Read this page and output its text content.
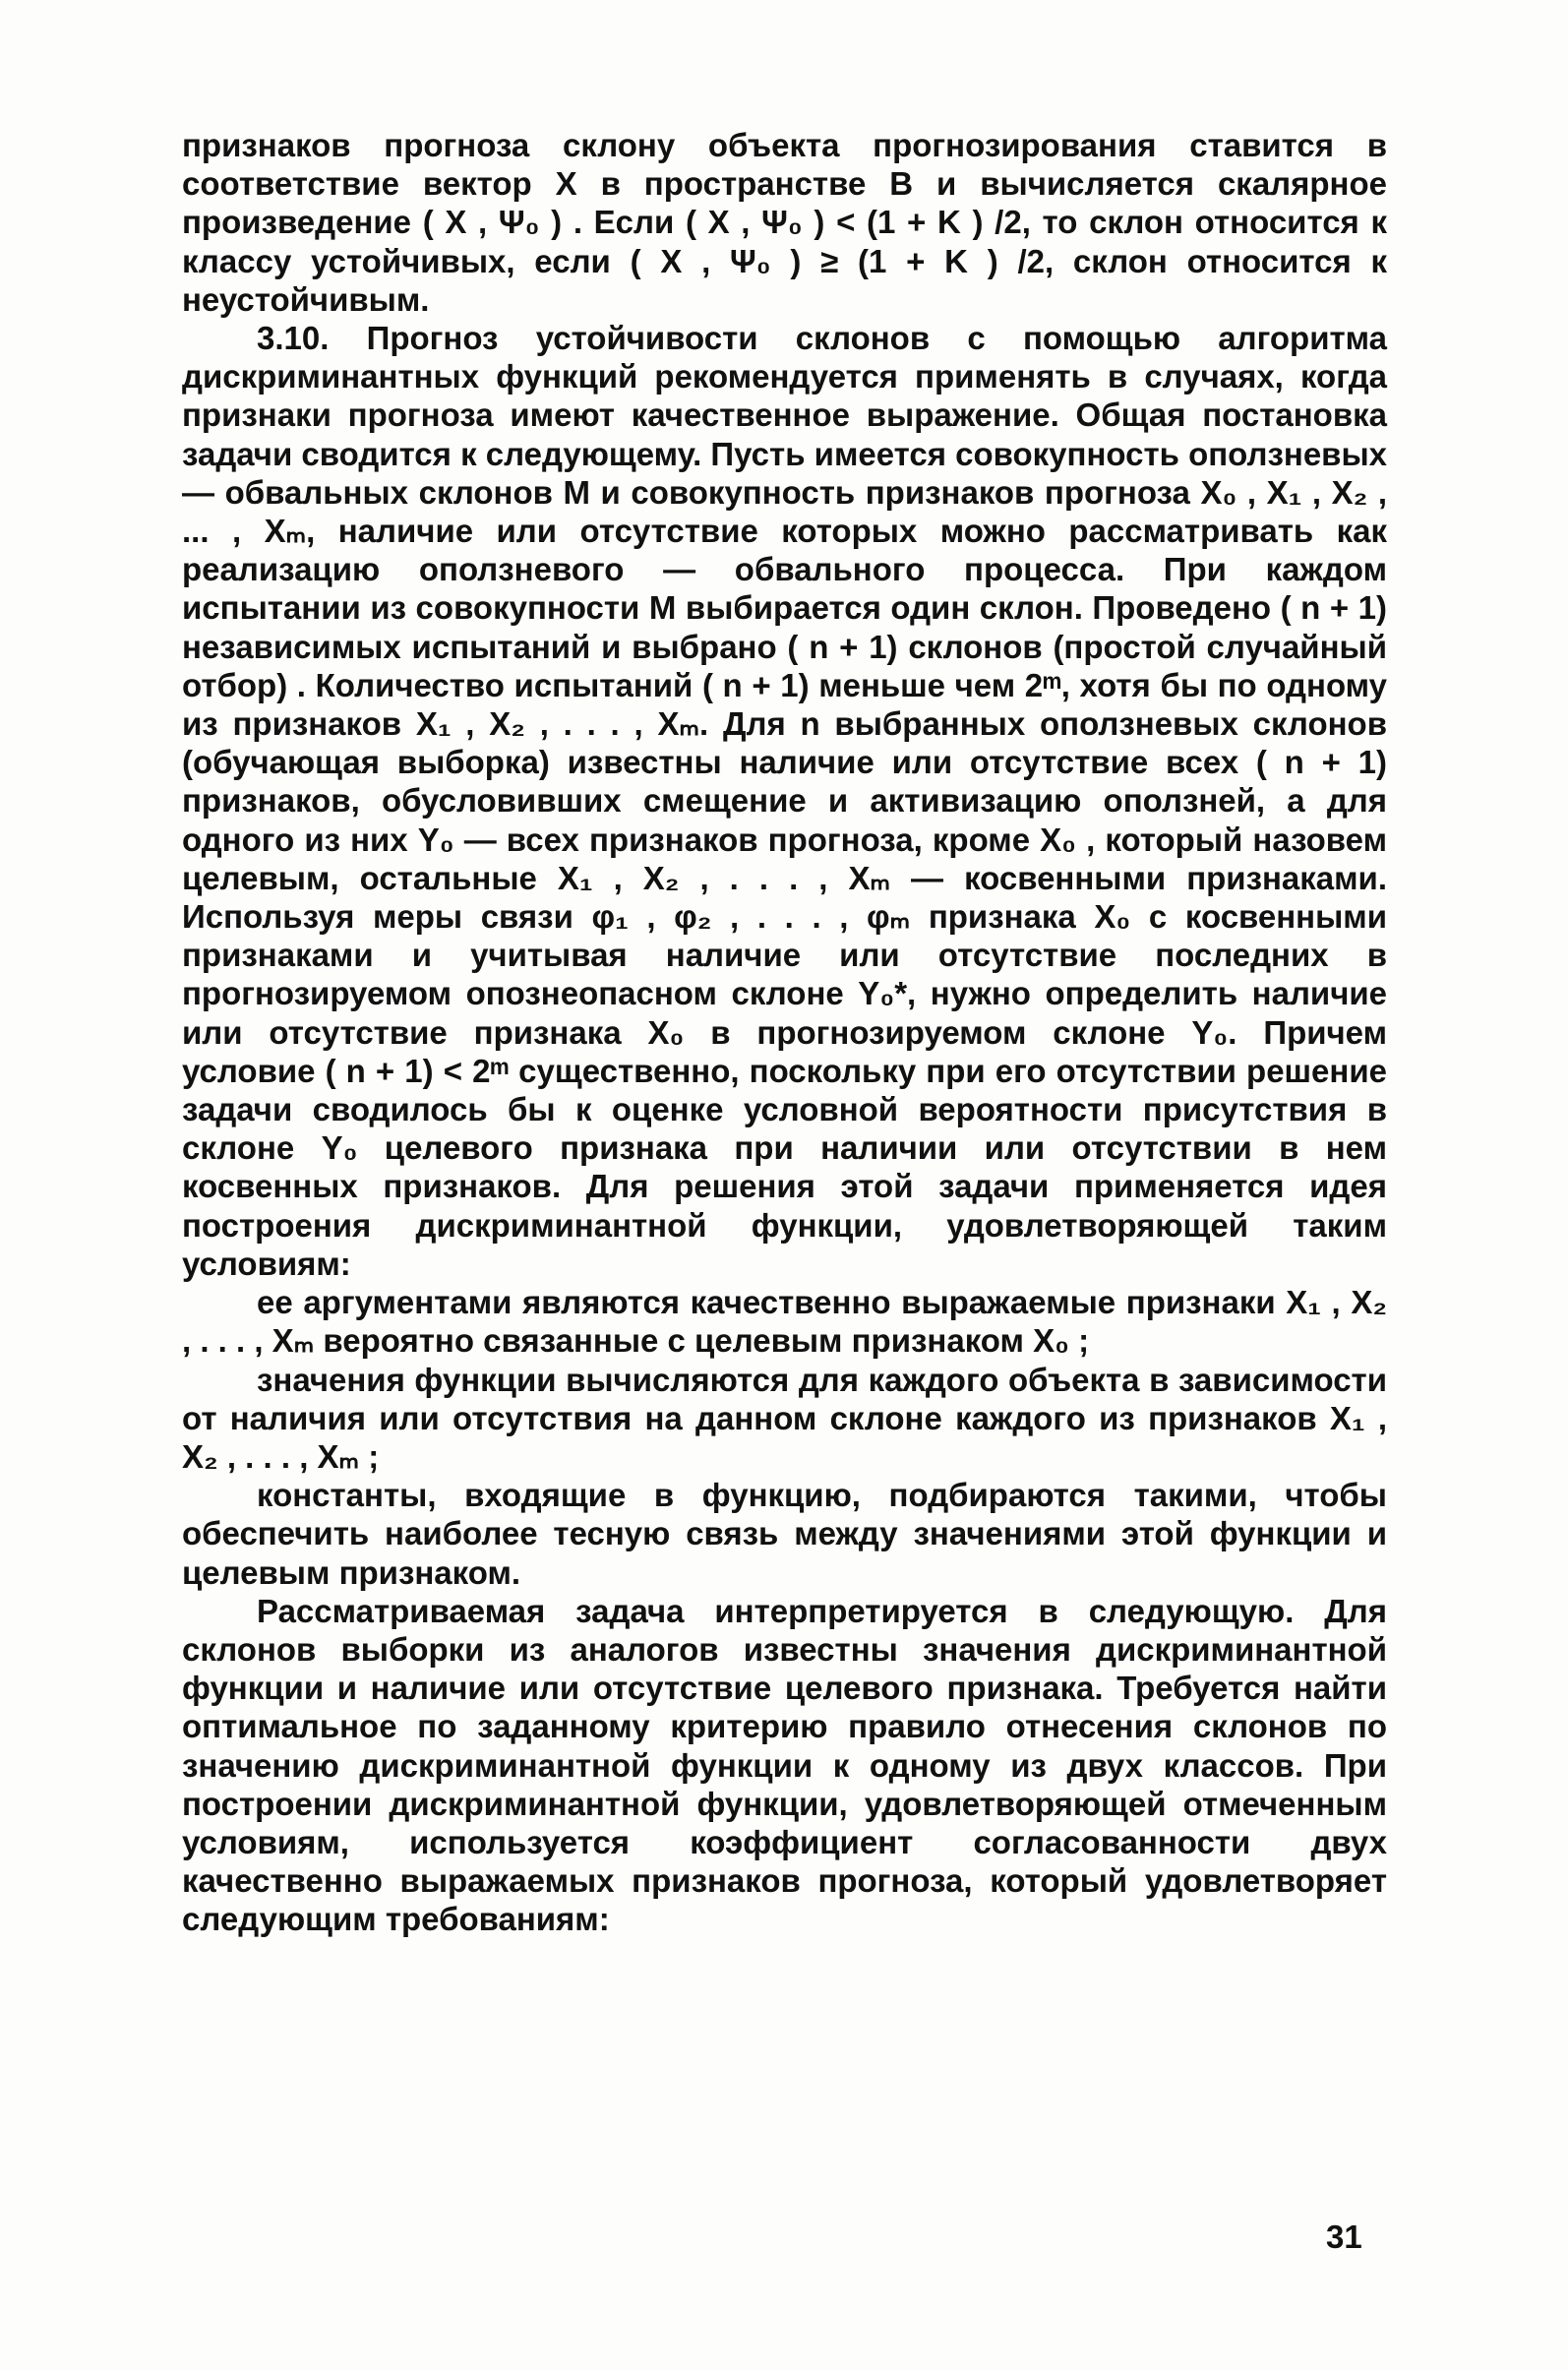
признаков прогноза склону объекта прогнозирования ставится в соответствие вектор X в пространстве B и вычисляется скалярное произведение ( X , Ψ₀ ) . Если ( X , Ψ₀ ) < (1 + K ) /2, то склон относится к классу устойчивых, если ( X , Ψ₀ ) ≥ (1 + K ) /2, склон относится к неустойчивым.

3.10. Прогноз устойчивости склонов с помощью алгоритма дискриминантных функций рекомендуется применять в случаях, когда признаки прогноза имеют качественное выражение. Общая постановка задачи сводится к следующему. Пусть имеется совокупность оползневых — обвальных склонов M и совокупность признаков прогноза X₀ , X₁ , X₂ , ... , Xₘ, наличие или отсутствие которых можно рассматривать как реализацию оползневого — обвального процесса. При каждом испытании из совокупности M выбирается один склон. Проведено ( n + 1) независимых испытаний и выбрано ( n + 1) склонов (простой случайный отбор) . Количество испытаний ( n + 1) меньше чем 2ᵐ, хотя бы по одному из признаков X₁ , X₂ , . . . , Xₘ. Для n выбранных оползневых склонов (обучающая выборка) известны наличие или отсутствие всех ( n + 1) признаков, обусловивших смещение и активизацию оползней, а для одного из них Y₀ — всех признаков прогноза, кроме X₀ , который назовем целевым, остальные X₁ , X₂ , . . . , Xₘ — косвенными признаками. Используя меры связи φ₁ , φ₂ , . . . , φₘ признака X₀ с косвенными признаками и учитывая наличие или отсутствие последних в прогнозируемом опознеопасном склоне Y₀*, нужно определить наличие или отсутствие признака X₀ в прогнозируемом склоне Y₀. Причем условие ( n + 1) < 2ᵐ существенно, поскольку при его отсутствии решение задачи сводилось бы к оценке условной вероятности присутствия в склоне Y₀ целевого признака при наличии или отсутствии в нем косвенных признаков. Для решения этой задачи применяется идея построения дискриминантной функции, удовлетворяющей таким условиям:

ее аргументами являются качественно выражаемые признаки X₁ , X₂ , . . . , Xₘ вероятно связанные с целевым признаком X₀ ;

значения функции вычисляются для каждого объекта в зависимости от наличия или отсутствия на данном склоне каждого из признаков X₁ , X₂ , . . . , Xₘ ;

константы, входящие в функцию, подбираются такими, чтобы обеспечить наиболее тесную связь между значениями этой функции и целевым признаком.

Рассматриваемая задача интерпретируется в следующую. Для склонов выборки из аналогов известны значения дискриминантной функции и наличие или отсутствие целевого признака. Требуется найти оптимальное по заданному критерию правило отнесения склонов по значению дискриминантной функции к одному из двух классов. При построении дискриминантной функции, удовлетворяющей отмеченным условиям, используется коэффициент согласованности двух качественно выражаемых признаков прогноза, который удовлетворяет следующим требованиям:

31
